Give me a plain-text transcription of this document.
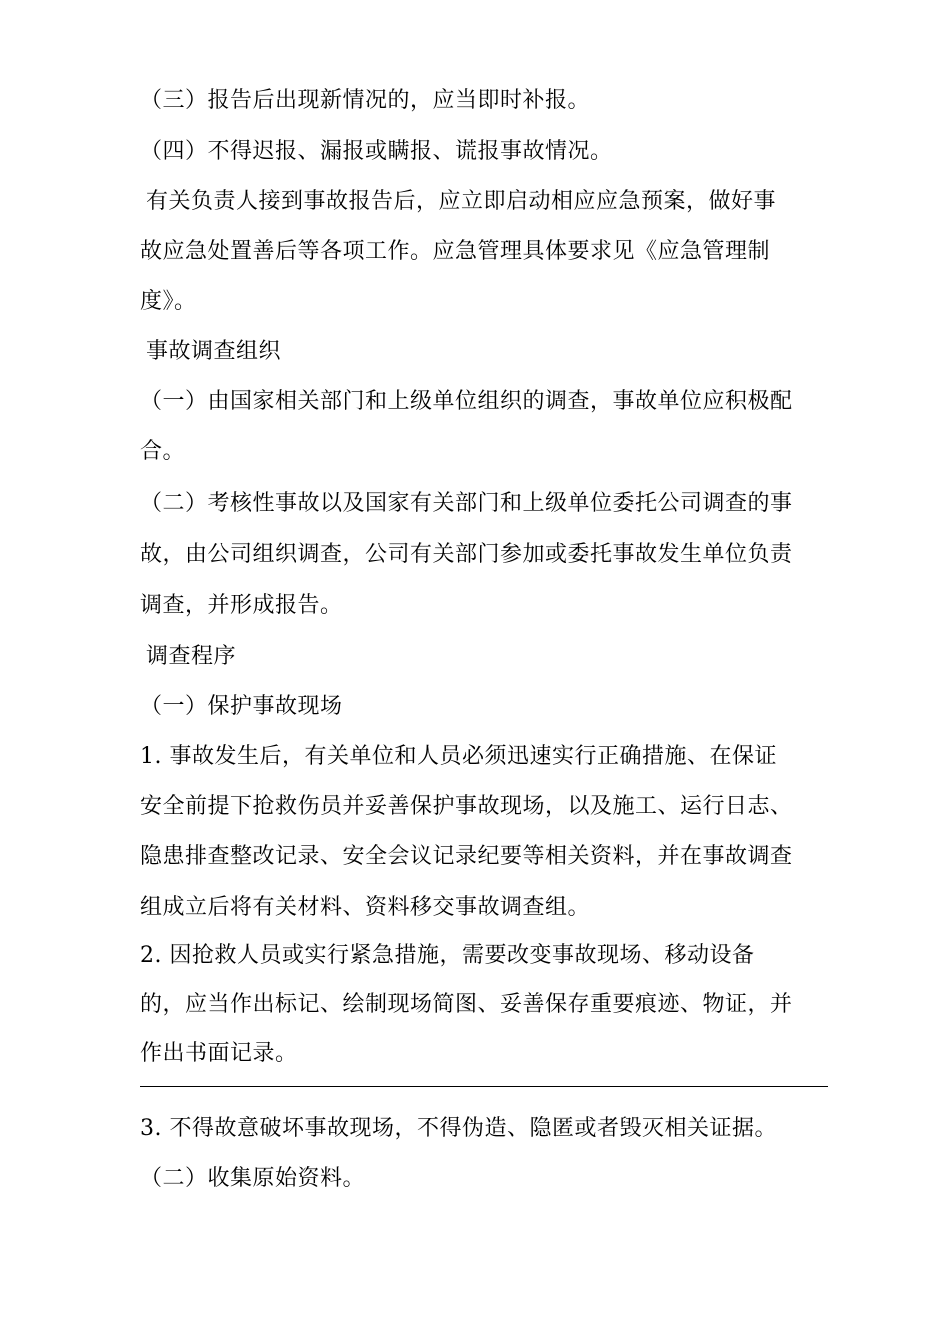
（三）报告后出现新情况的，应当即时补报。
（四）不得迟报、漏报或瞒报、谎报事故情况。
有关负责人接到事故报告后，应立即启动相应应急预案，做好事
故应急处置善后等各项工作。应急管理具体要求见《应急管理制
度》。
事故调查组织
（一）由国家相关部门和上级单位组织的调查，事故单位应积极配
合。
（二）考核性事故以及国家有关部门和上级单位委托公司调查的事
故，由公司组织调查，公司有关部门参加或委托事故发生单位负责
调查，并形成报告。
调查程序
（一）保护事故现场
1. 事故发生后，有关单位和人员必须迅速实行正确措施、在保证
安全前提下抢救伤员并妥善保护事故现场，以及施工、运行日志、
隐患排查整改记录、安全会议记录纪要等相关资料，并在事故调查
组成立后将有关材料、资料移交事故调查组。
2. 因抢救人员或实行紧急措施，需要改变事故现场、移动设备
的，应当作出标记、绘制现场简图、妥善保存重要痕迹、物证，并
作出书面记录。
3. 不得故意破坏事故现场，不得伪造、隐匿或者毁灭相关证据。
（二）收集原始资料。
